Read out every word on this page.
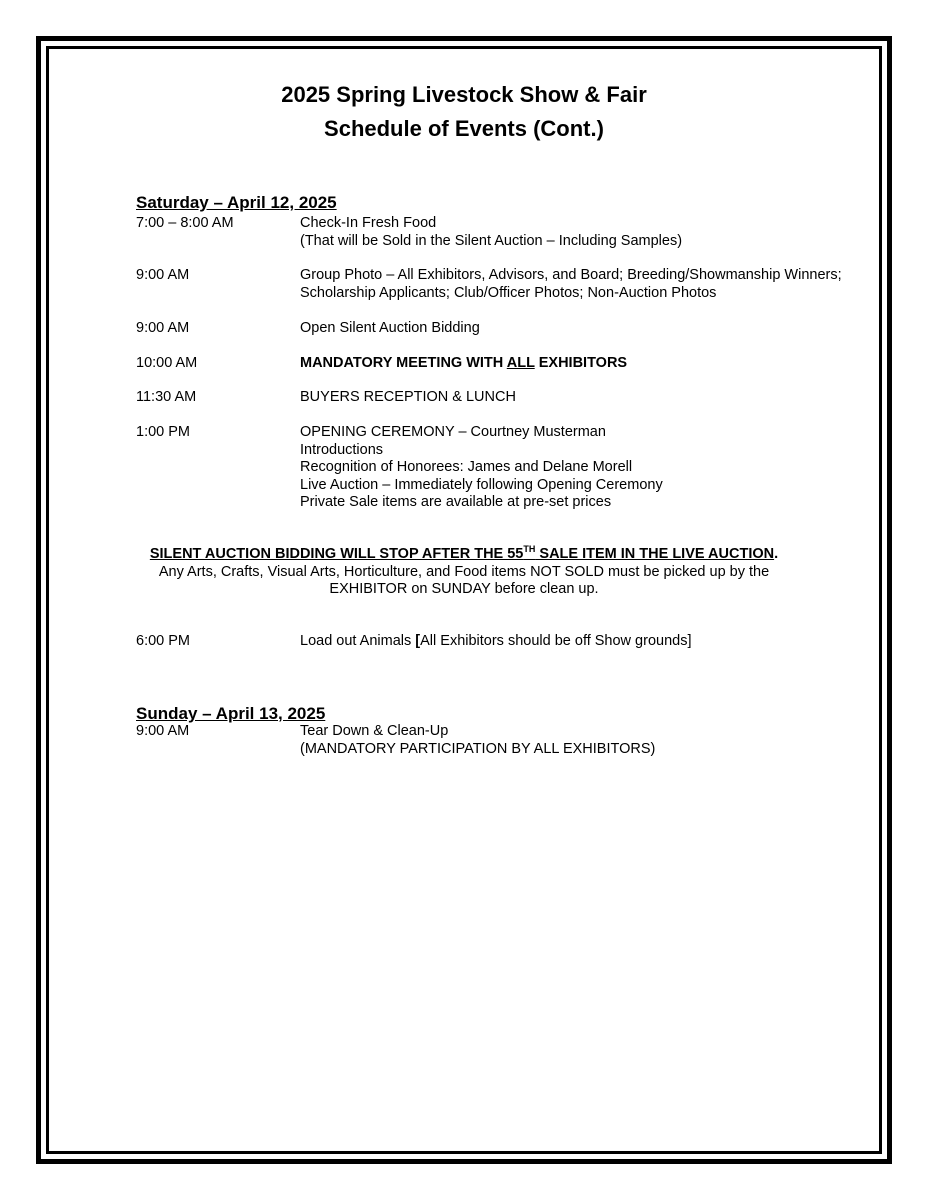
2025 Spring Livestock Show & Fair
Schedule of Events (Cont.)
Saturday – April 12, 2025
7:00 – 8:00 AM	Check-In Fresh Food
(That will be Sold in the Silent Auction – Including Samples)
9:00 AM	Group Photo – All Exhibitors, Advisors, and Board; Breeding/Showmanship Winners;
Scholarship Applicants; Club/Officer Photos; Non-Auction Photos
9:00 AM	Open Silent Auction Bidding
10:00 AM	MANDATORY MEETING WITH ALL EXHIBITORS
11:30 AM	BUYERS RECEPTION & LUNCH
1:00 PM	OPENING CEREMONY – Courtney Musterman
Introductions
Recognition of Honorees: James and Delane Morell
Live Auction – Immediately following Opening Ceremony
Private Sale items are available at pre-set prices
SILENT AUCTION BIDDING WILL STOP AFTER THE 55TH SALE ITEM IN THE LIVE AUCTION.
Any Arts, Crafts, Visual Arts, Horticulture, and Food items NOT SOLD must be picked up by the
EXHIBITOR on SUNDAY before clean up.
6:00 PM	Load out Animals [All Exhibitors should be off Show grounds]
Sunday – April 13, 2025
9:00 AM	Tear Down & Clean-Up
(MANDATORY PARTICIPATION BY ALL EXHIBITORS)
